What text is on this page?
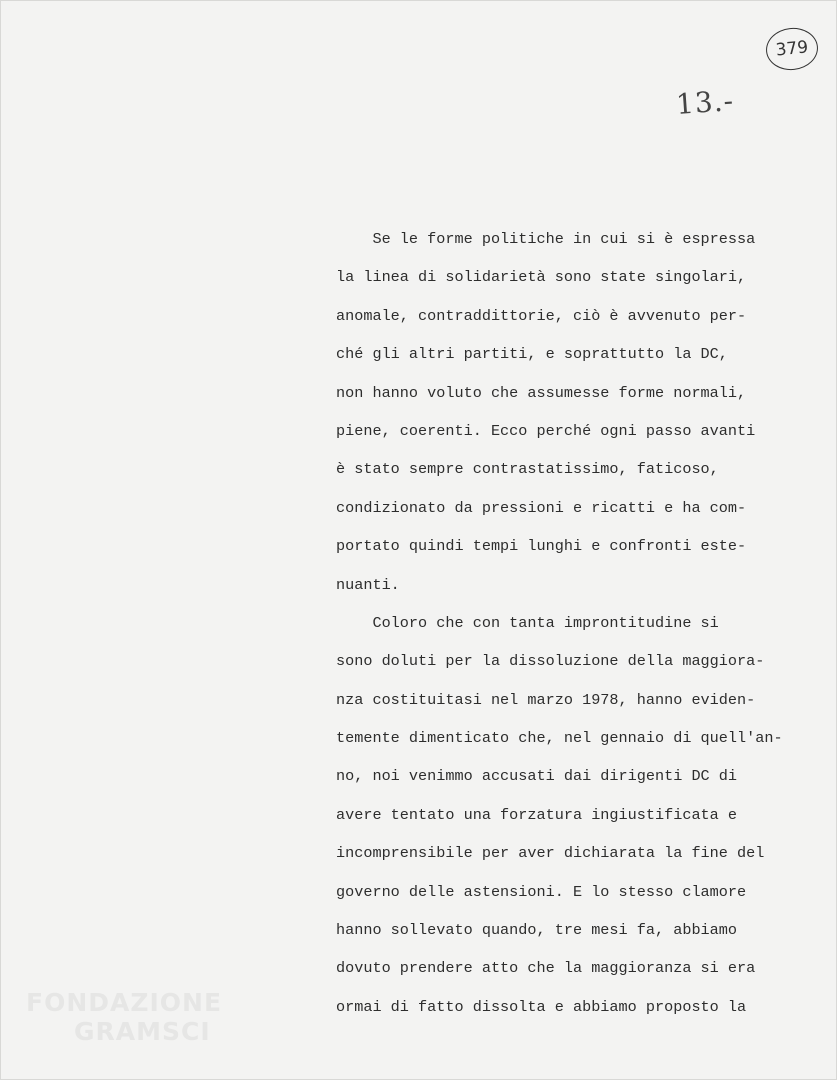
379
13.-
Se le forme politiche in cui si è espressa
la linea di solidarietà sono state singolari,
anomale, contraddittorie, ciò è avvenuto per-
ché gli altri partiti, e soprattutto la DC,
non hanno voluto che assumesse forme normali,
piene, coerenti. Ecco perché ogni passo avanti
è stato sempre contrastatissimo, faticoso,
condizionato da pressioni e ricatti e ha com-
portato quindi tempi lunghi e confronti este-
nuanti.
Coloro che con tanta improntitudine si
sono doluti per la dissoluzione della maggiora-
nza costituitasi nel marzo 1978, hanno eviden-
temente dimenticato che, nel gennaio di quell'an-
no, noi venimmo accusati dai dirigenti DC di
avere tentato una forzatura ingiustificata e
incomprensibile per aver dichiarata la fine del
governo delle astensioni. E lo stesso clamore
hanno sollevato quando, tre mesi fa, abbiamo
dovuto prendere atto che la maggioranza si era
ormai di fatto dissolta e abbiamo proposto la
FONDAZIONE
GRAMSCI
